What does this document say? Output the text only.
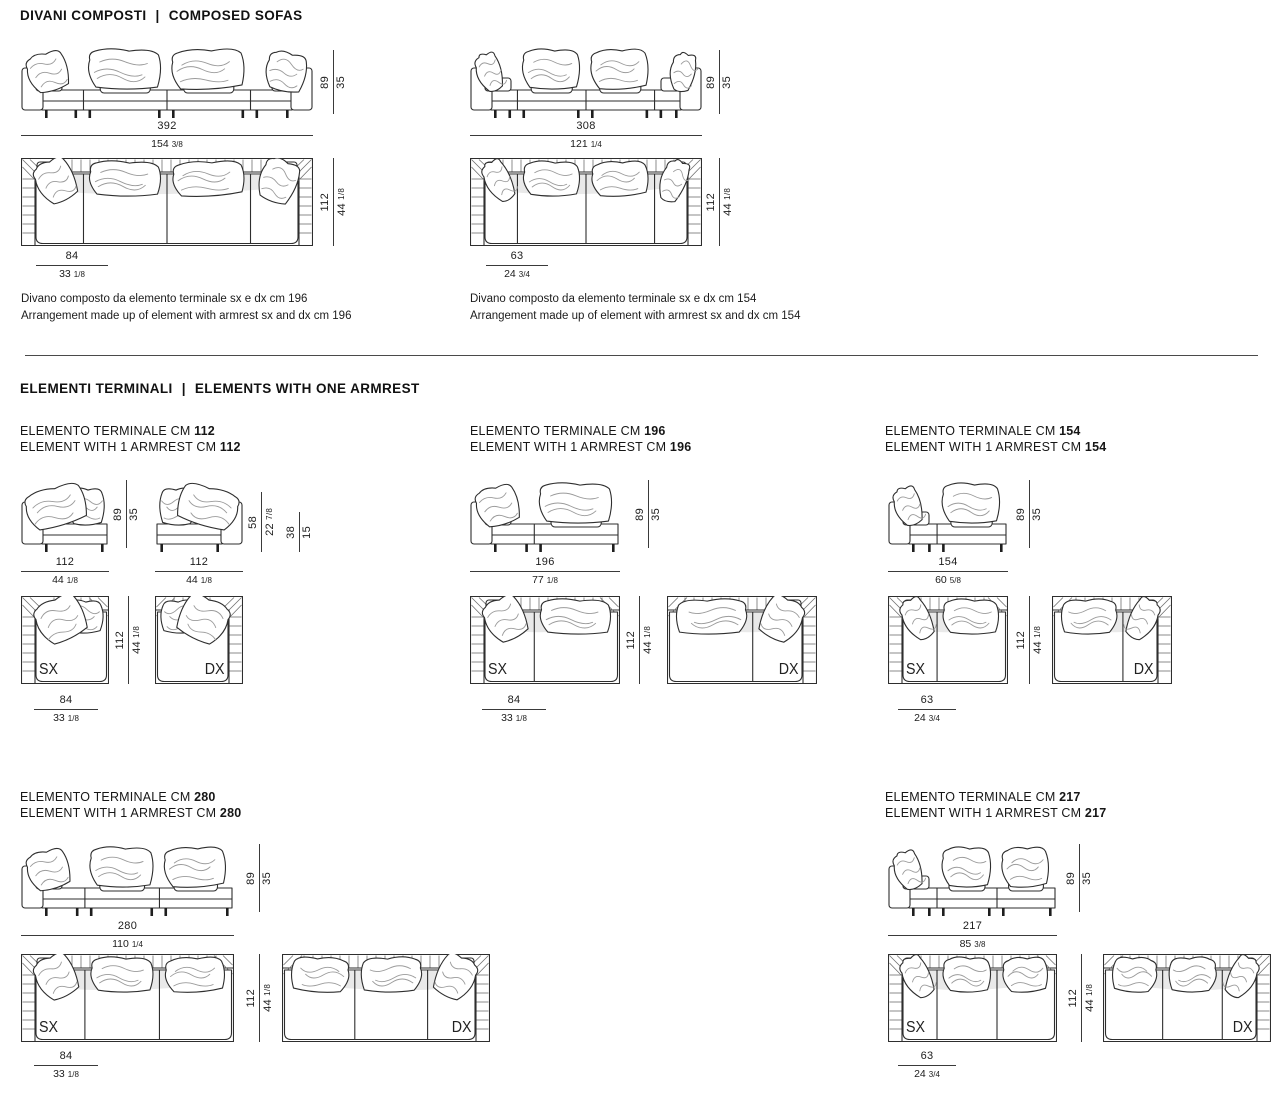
DIVANI COMPOSTI | COMPOSED SOFAS
89 35
392
154 3/8
112 441/8
84
33 1/8
Divano composto da elemento terminale sx e dx cm 196
Arrangement made up of element with armrest sx and dx cm 196
89 35
308
121 1/4
112 441/8
63
24 3/4
Divano composto da elemento terminale sx e dx cm 154
Arrangement made up of element with armrest sx and dx cm 154
ELEMENTI TERMINALI | ELEMENTS WITH ONE ARMREST
ELEMENTO TERMINALE CM 112
ELEMENT WITH 1 ARMREST CM 112
89 35
58
227/8
38 15
112
44 1/8
112
44 1/8
SX
112 441/8
DX
84
33 1/8
ELEMENTO TERMINALE CM 196
ELEMENT WITH 1 ARMREST CM 196
89 35
196
77 1/8
SX
112 441/8
DX
84
33 1/8
ELEMENTO TERMINALE CM 154
ELEMENT WITH 1 ARMREST CM 154
89 35
154
60 5/8
SX
112 441/8
DX
63
24 3/4
ELEMENTO TERMINALE CM 280
ELEMENT WITH 1 ARMREST CM 280
89 35
280
110 1/4
SX
112 441/8
DX
84
33 1/8
ELEMENTO TERMINALE CM 217
ELEMENT WITH 1 ARMREST CM 217
89 35
217
85 3/8
SX
112 441/8
DX
63
24 3/4
